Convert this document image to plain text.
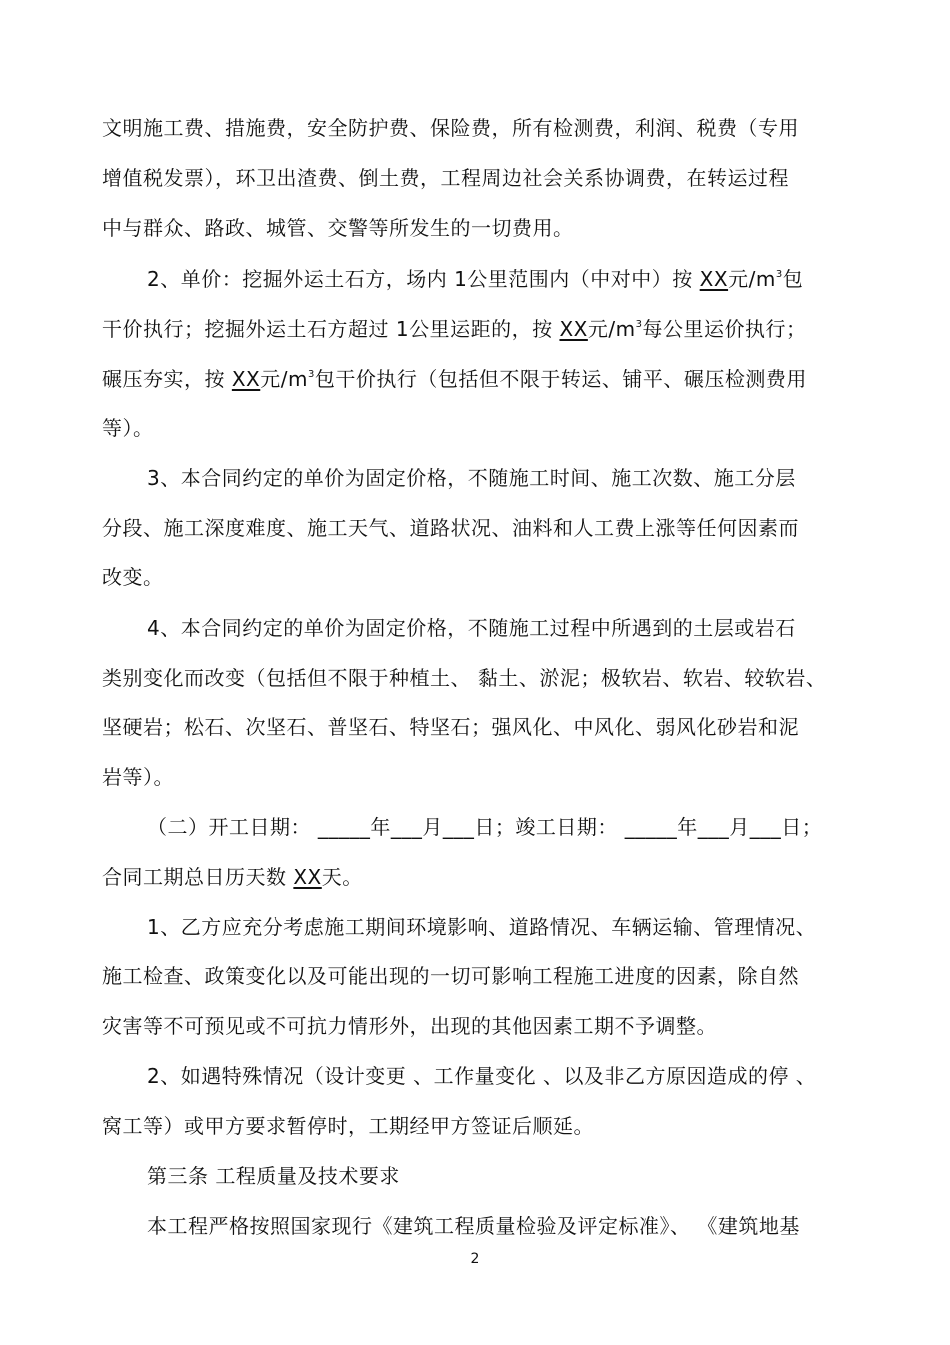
文明施工费、措施费，安全防护费、保险费，所有检测费，利润、税费（专用
增值税发票），环卫出渣费、倒土费，工程周边社会关系协调费，在转运过程
中与群众、路政、城管、交警等所发生的一切费用。
2、单价：挖掘外运土石方，场内 1公里范围内（中对中）按 XX元$/m^3$包
干价执行；挖掘外运土石方超过 1公里运距的，按 XX元$/m^3$每公里运价执行；
碾压夯实，按 XX元$/m^3$包干价执行（包括但不限于转运、铺平、碾压检测费用
等）。
3、本合同约定的单价为固定价格，不随施工时间、施工次数、施工分层
分段、施工深度难度、施工天气、道路状况、油料和人工费上涨等任何因素而
改变。
4、本合同约定的单价为固定价格，不随施工过程中所遇到的土层或岩石
类别变化而改变（包括但不限于种植土、 黏土、淤泥；极软岩、软岩、较软岩、
坚硬岩；松石、次坚石、普坚石、特坚石；强风化、中风化、弱风化砂岩和泥
岩等）。
（二）开工日期： _____年___月___日；竣工日期： _____年___月___日；
合同工期总日历天数 XX天。
1、乙方应充分考虑施工期间环境影响、道路情况、车辆运输、管理情况、
施工检查、政策变化以及可能出现的一切可影响工程施工进度的因素，除自然
灾害等不可预见或不可抗力情形外，出现的其他因素工期不予调整。
2、如遇特殊情况（设计变更 、工作量变化 、以及非乙方原因造成的停 、
窝工等）或甲方要求暂停时，工期经甲方签证后顺延。
第三条 工程质量及技术要求
本工程严格按照国家现行《建筑工程质量检验及评定标准》、 《建筑地基
2
